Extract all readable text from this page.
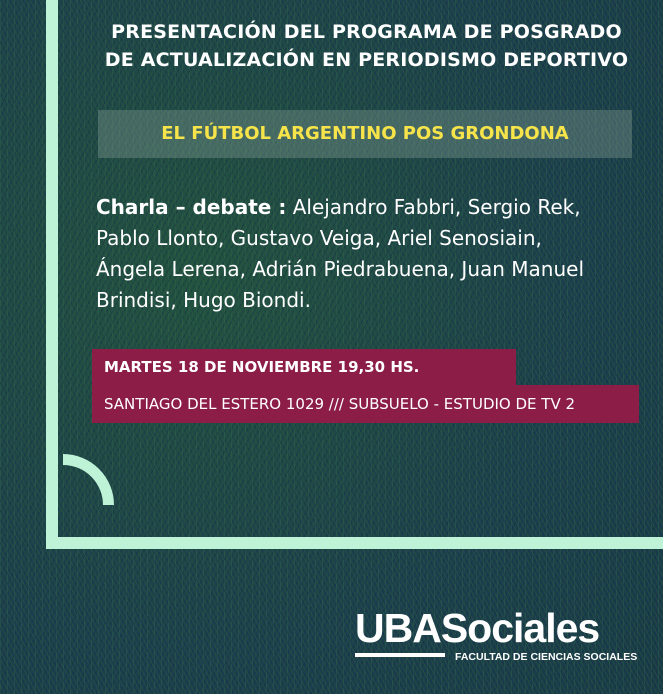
PRESENTACIÓN DEL PROGRAMA DE POSGRADO
DE ACTUALIZACIÓN EN PERIODISMO DEPORTIVO
EL FÚTBOL ARGENTINO POS GRONDONA
Charla – debate : Alejandro Fabbri, Sergio Rek,
Pablo Llonto, Gustavo Veiga, Ariel Senosiain,
Ángela Lerena, Adrián Piedrabuena, Juan Manuel
Brindisi, Hugo Biondi.
MARTES 18 DE NOVIEMBRE 19,30 HS.
SANTIAGO DEL ESTERO 1029 /// SUBSUELO - ESTUDIO DE TV 2
UBASociales
FACULTAD DE CIENCIAS SOCIALES
